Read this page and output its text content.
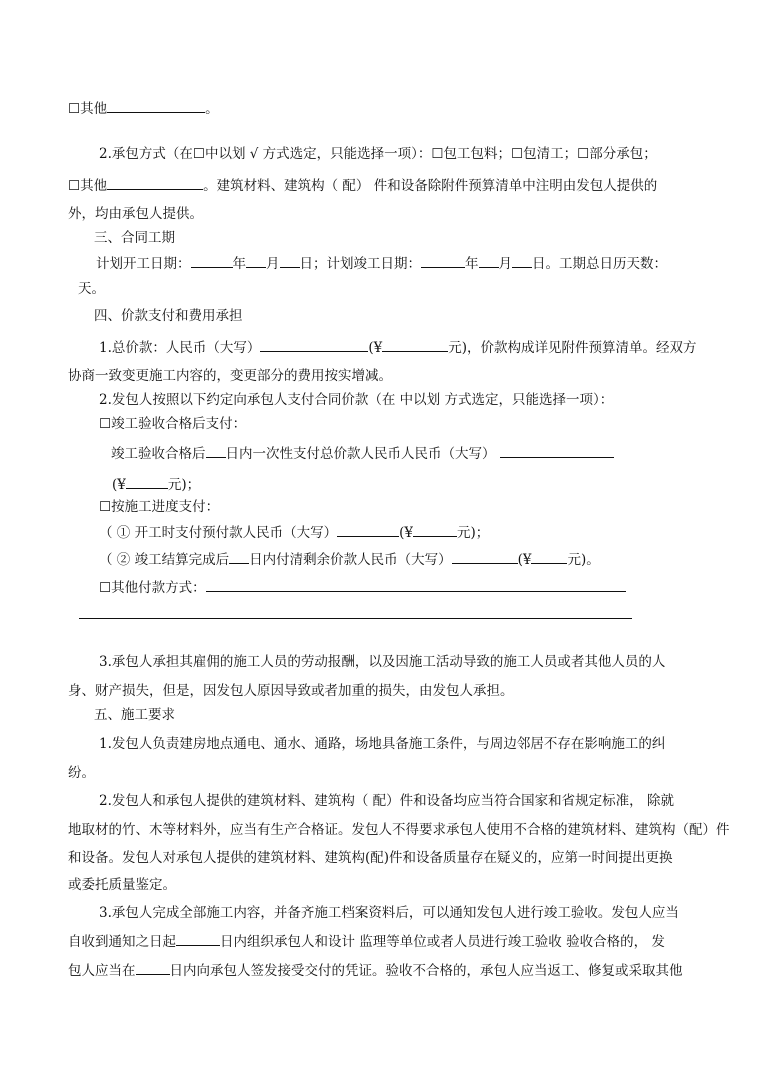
☐其他	。
2.承包方式（在☐中以划 √ 方式选定，只能选择一项）：☐包工包料；☐包清工；☐部分承包；
☐其他	。建筑材料、建筑构（ 配） 件和设备除附件预算清单中注明由发包人提供的
外，均由承包人提供。
三、合同工期
计划开工日期：	年 月 日；计划竣工日期：	年 月 日。工期总日历天数：
天。
四、价款支付和费用承担
1.总价款：人民币（大写）	(¥	元)，价款构成详见附件预算清单。经双方
协商一致变更施工内容的，变更部分的费用按实增减。
2.发包人按照以下约定向承包人支付合同价款（在 中以划 方式选定，只能选择一项）：
☐竣工验收合格后支付：
竣工验收合格后 日内一次性支付总价款人民币人民币（大写）
(¥	元)；
☐按施工进度支付：
（ ① 开工时支付预付款人民币（大写）	(¥	元)；
（ ② 竣工结算完成后 日内付清剩余价款人民币（大写）	(¥	元)。
☐其他付款方式：
3.承包人承担其雇佣的施工人员的劳动报酬，以及因施工活动导致的施工人员或者其他人员的人
身、财产损失，但是，因发包人原因导致或者加重的损失，由发包人承担。
五、施工要求
1.发包人负责建房地点通电、通水、通路，场地具备施工条件，与周边邻居不存在影响施工的纠
纷。
2.发包人和承包人提供的建筑材料、建筑构（ 配）件和设备均应当符合国家和省规定标准， 除就
地取材的竹、木等材料外，应当有生产合格证。发包人不得要求承包人使用不合格的建筑材料、建筑构（配）件
和设备。发包人对承包人提供的建筑材料、建筑构(配)件和设备质量存在疑义的，应第一时间提出更换
或委托质量鉴定。
3.承包人完成全部施工内容，并备齐施工档案资料后，可以通知发包人进行竣工验收。发包人应当
自收到通知之日起	日内组织承包人和设计 监理等单位或者人员进行竣工验收 验收合格的， 发
包人应当在	日内向承包人签发接受交付的凭证。验收不合格的，承包人应当返工、修复或采取其他
